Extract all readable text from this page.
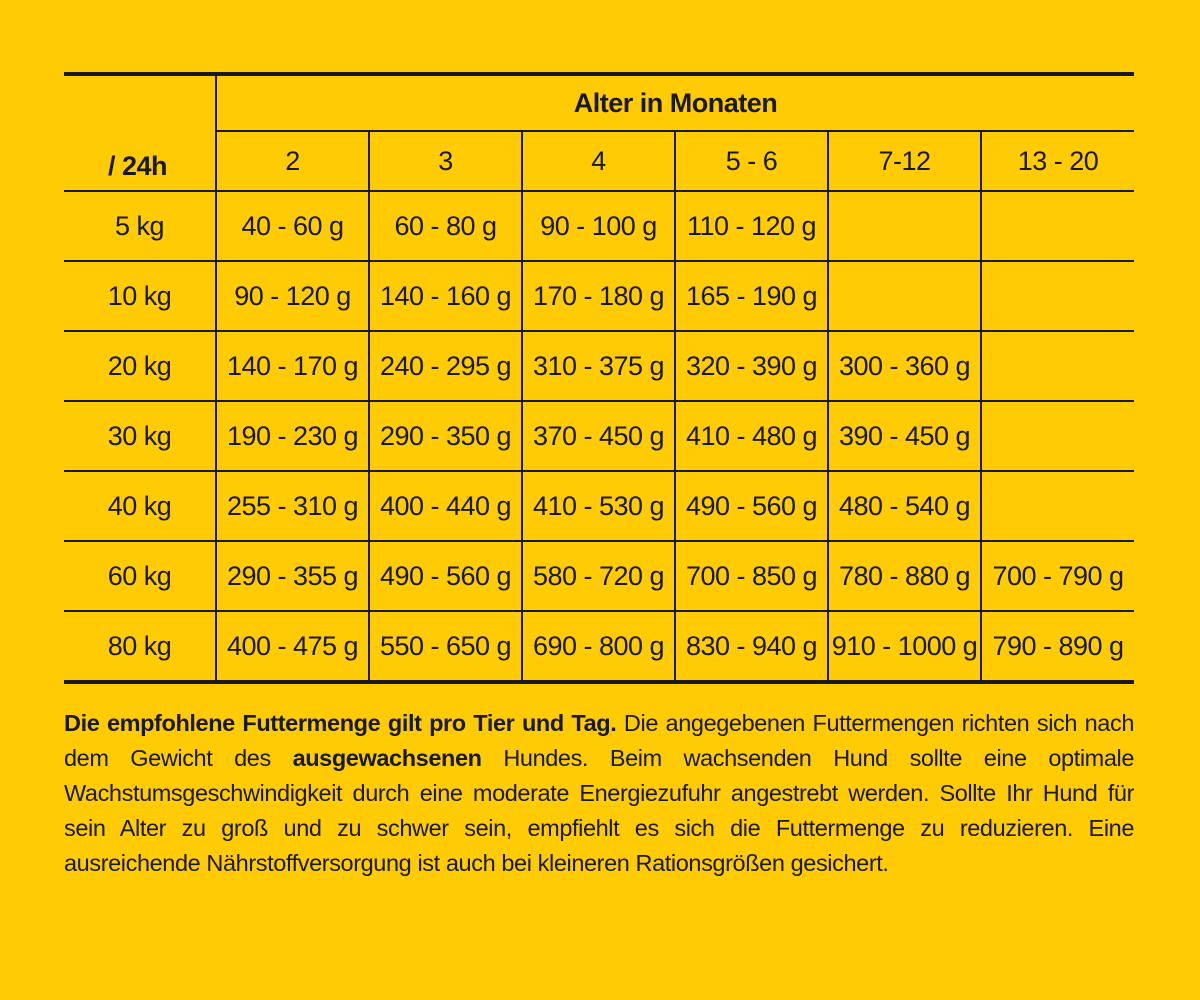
/ 24h	Alter in Monaten					
	2	3	4	5 - 6	7-12	13 - 20
5 kg	40 - 60 g	60 - 80 g	90 - 100 g	110 - 120 g		
10 kg	90 - 120 g	140 - 160 g	170 - 180 g	165 - 190 g		
20 kg	140 - 170 g	240 - 295 g	310 - 375 g	320 - 390 g	300 - 360 g	
30 kg	190 - 230 g	290 - 350 g	370 - 450 g	410 - 480 g	390 - 450 g	
40 kg	255 - 310 g	400 - 440 g	410 - 530 g	490 - 560 g	480 - 540 g	
60 kg	290 - 355 g	490 - 560 g	580 - 720 g	700 - 850 g	780 - 880 g	700 - 790 g
80 kg	400 - 475 g	550 - 650 g	690 - 800 g	830 - 940 g	910 - 1000 g	790 - 890 g

Die empfohlene Futtermenge gilt pro Tier und Tag. Die angegebenen Futtermengen richten sich nach dem Gewicht des ausgewachsenen Hundes. Beim wachsenden Hund sollte eine optimale Wachstumsgeschwindigkeit durch eine moderate Energiezufuhr angestrebt werden. Sollte Ihr Hund für sein Alter zu groß und zu schwer sein, empfiehlt es sich die Futtermenge zu reduzieren. Eine ausreichende Nährstoffversorgung ist auch bei kleineren Rationsgrößen gesichert.
